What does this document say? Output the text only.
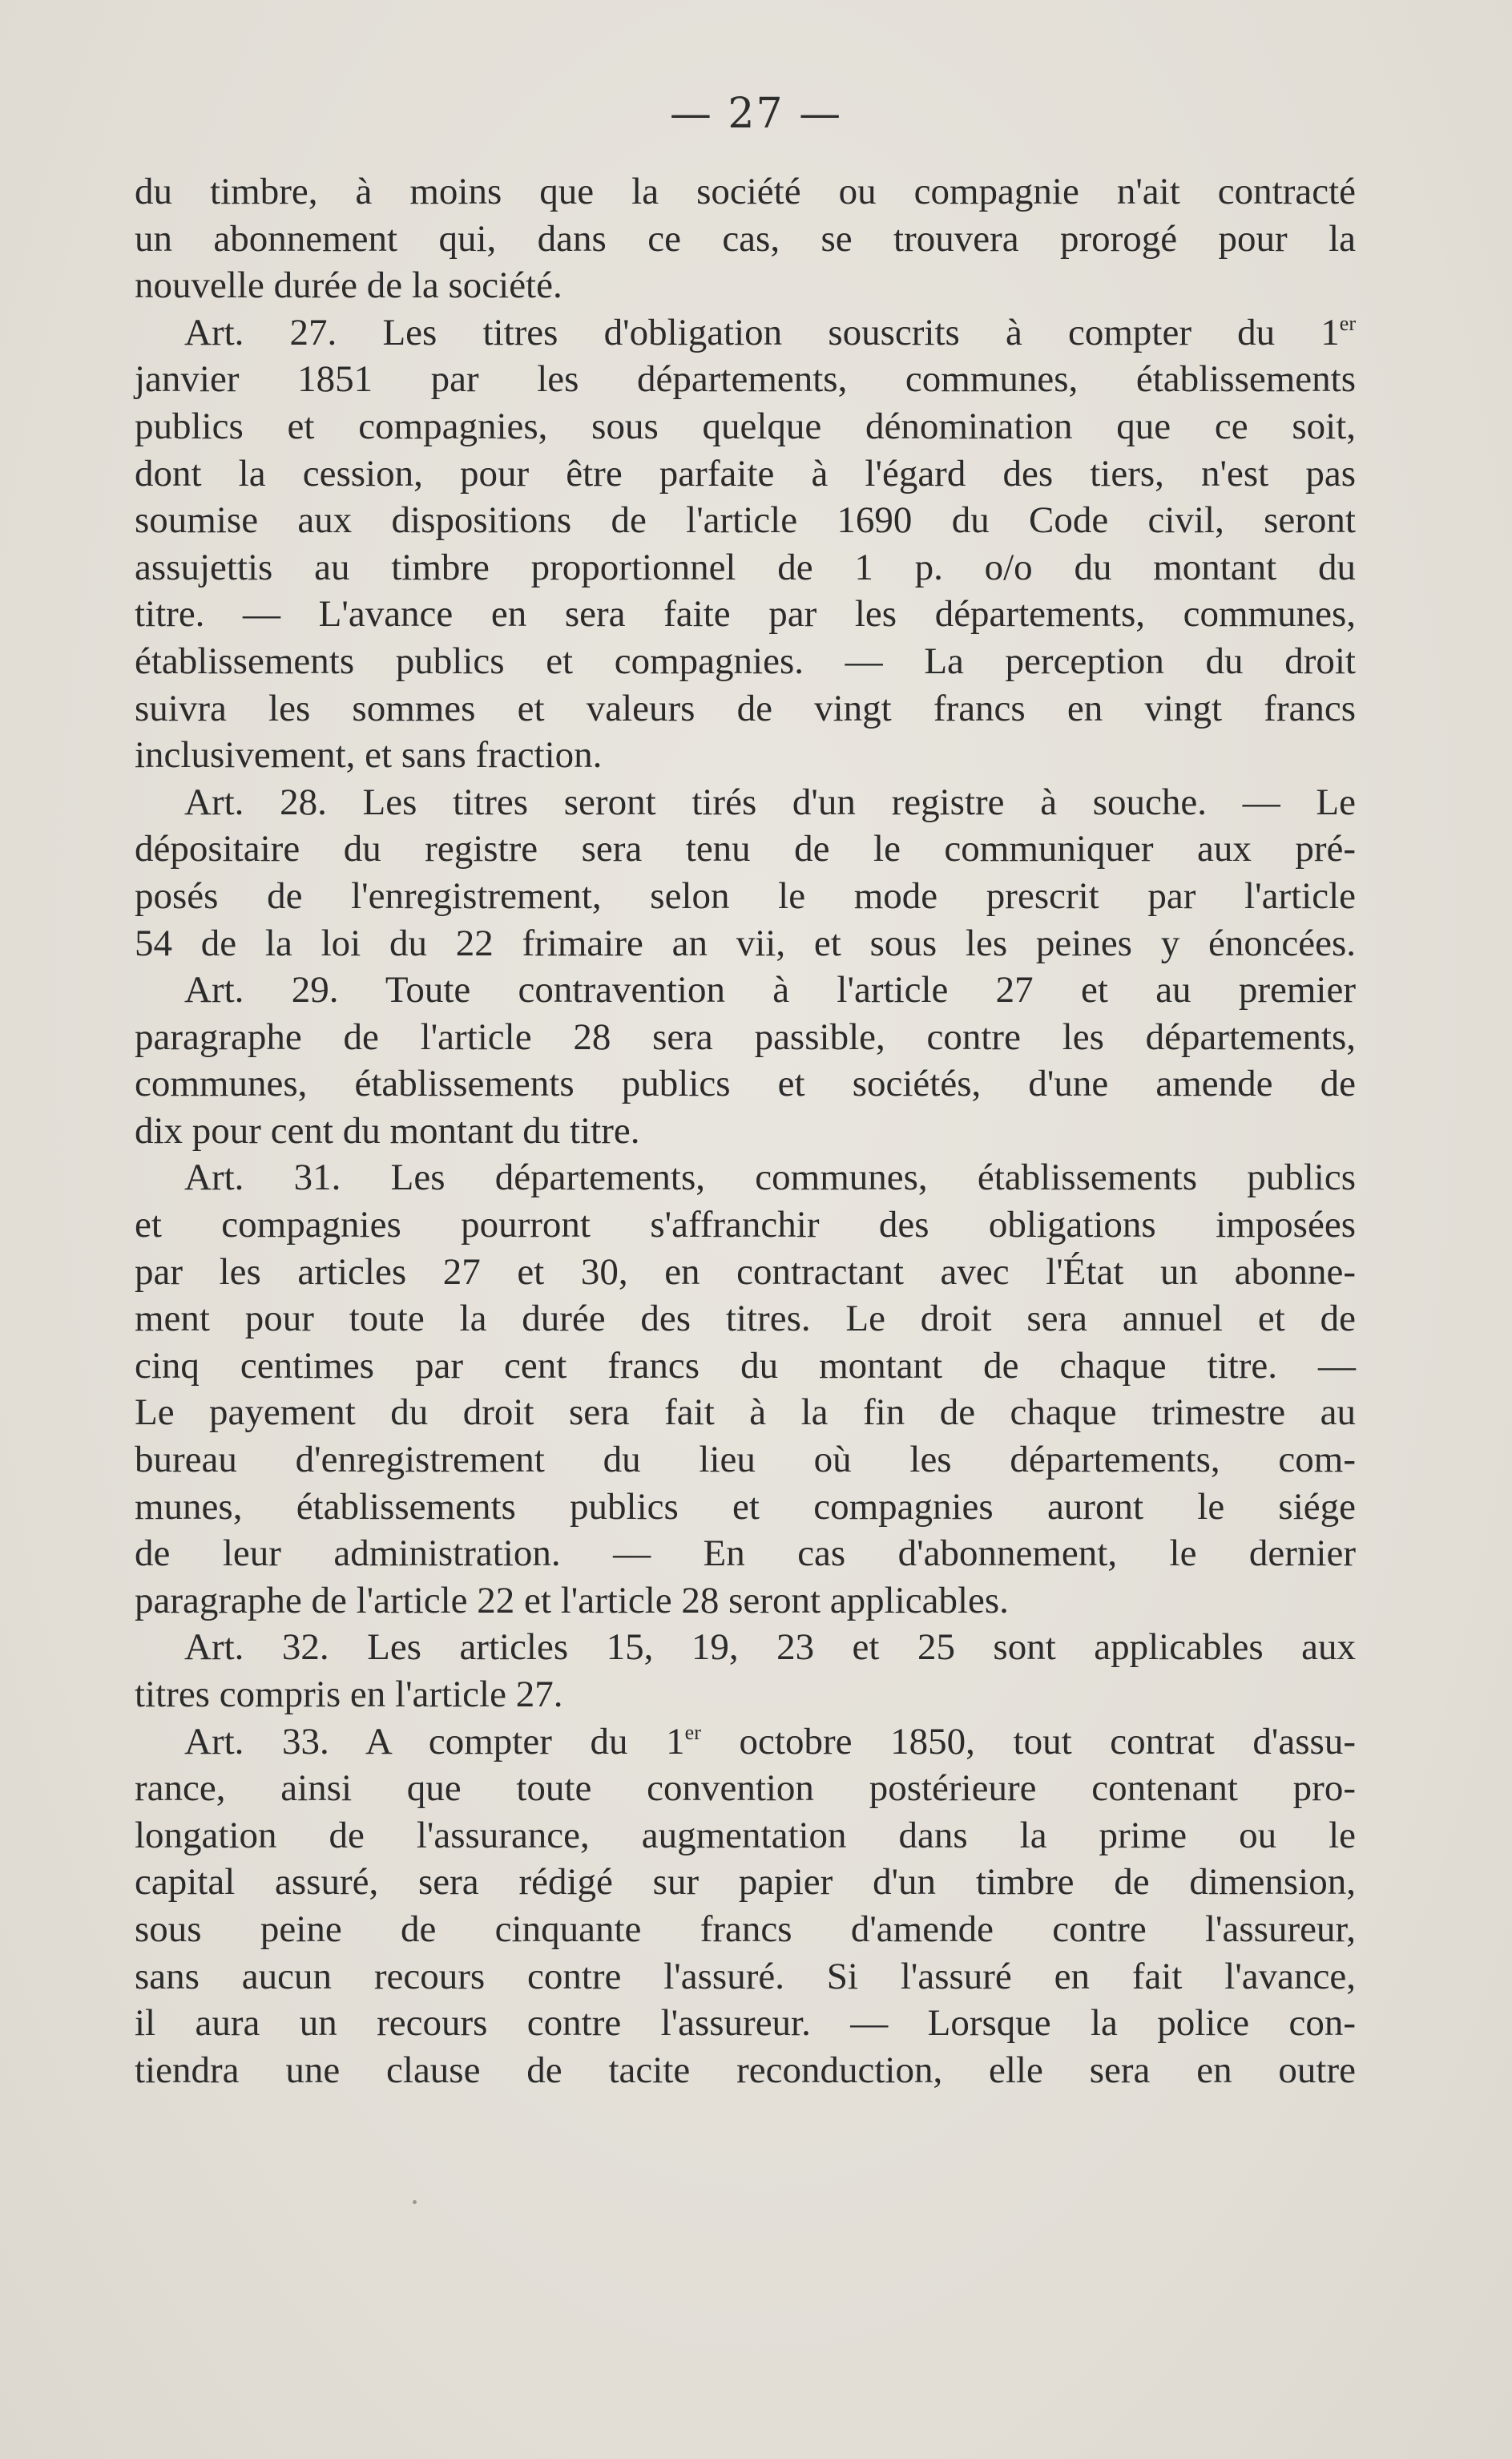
— 27 —
du timbre, à moins que la société ou compagnie n'ait contracté
un abonnement qui, dans ce cas, se trouvera prorogé pour la
nouvelle durée de la société.
Art. 27. Les titres d'obligation souscrits à compter du 1er
janvier 1851 par les départements, communes, établissements
publics et compagnies, sous quelque dénomination que ce soit,
dont la cession, pour être parfaite à l'égard des tiers, n'est pas
soumise aux dispositions de l'article 1690 du Code civil, seront
assujettis au timbre proportionnel de 1 p. o/o du montant du
titre. — L'avance en sera faite par les départements, communes,
établissements publics et compagnies. — La perception du droit
suivra les sommes et valeurs de vingt francs en vingt francs
inclusivement, et sans fraction.
Art. 28. Les titres seront tirés d'un registre à souche. — Le
dépositaire du registre sera tenu de le communiquer aux pré-
posés de l'enregistrement, selon le mode prescrit par l'article
54 de la loi du 22 frimaire an vii, et sous les peines y énoncées.
Art. 29. Toute contravention à l'article 27 et au premier
paragraphe de l'article 28 sera passible, contre les départements,
communes, établissements publics et sociétés, d'une amende de
dix pour cent du montant du titre.
Art. 31. Les départements, communes, établissements publics
et compagnies pourront s'affranchir des obligations imposées
par les articles 27 et 30, en contractant avec l'État un abonne-
ment pour toute la durée des titres. Le droit sera annuel et de
cinq centimes par cent francs du montant de chaque titre. —
Le payement du droit sera fait à la fin de chaque trimestre au
bureau d'enregistrement du lieu où les départements, com-
munes, établissements publics et compagnies auront le siége
de leur administration. — En cas d'abonnement, le dernier
paragraphe de l'article 22 et l'article 28 seront applicables.
Art. 32. Les articles 15, 19, 23 et 25 sont applicables aux
titres compris en l'article 27.
Art. 33. A compter du 1er octobre 1850, tout contrat d'assu-
rance, ainsi que toute convention postérieure contenant pro-
longation de l'assurance, augmentation dans la prime ou le
capital assuré, sera rédigé sur papier d'un timbre de dimension,
sous peine de cinquante francs d'amende contre l'assureur,
sans aucun recours contre l'assuré. Si l'assuré en fait l'avance,
il aura un recours contre l'assureur. — Lorsque la police con-
tiendra une clause de tacite reconduction, elle sera en outre
